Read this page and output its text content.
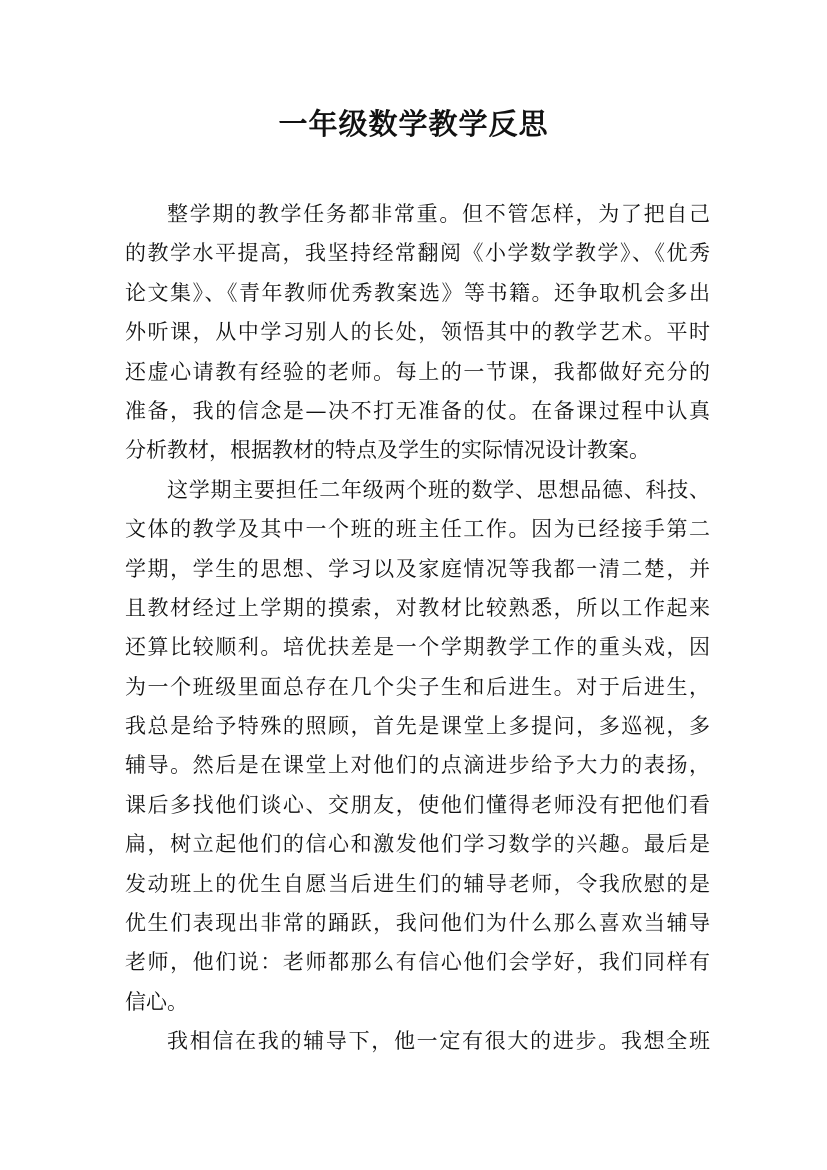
一年级数学教学反思
整学期的教学任务都非常重。但不管怎样，为了把自己
的教学水平提高，我坚持经常翻阅《小学数学教学》、《优秀
论文集》、《青年教师优秀教案选》等书籍。还争取机会多出
外听课，从中学习别人的长处，领悟其中的教学艺术。平时
还虚心请教有经验的老师。每上的一节课，我都做好充分的
准备，我的信念是—决不打无准备的仗。在备课过程中认真
分析教材，根据教材的特点及学生的实际情况设计教案。
这学期主要担任二年级两个班的数学、思想品德、科技、
文体的教学及其中一个班的班主任工作。因为已经接手第二
学期，学生的思想、学习以及家庭情况等我都一清二楚，并
且教材经过上学期的摸索，对教材比较熟悉，所以工作起来
还算比较顺利。培优扶差是一个学期教学工作的重头戏，因
为一个班级里面总存在几个尖子生和后进生。对于后进生，
我总是给予特殊的照顾，首先是课堂上多提问，多巡视，多
辅导。然后是在课堂上对他们的点滴进步给予大力的表扬，
课后多找他们谈心、交朋友，使他们懂得老师没有把他们看
扁，树立起他们的信心和激发他们学习数学的兴趣。最后是
发动班上的优生自愿当后进生们的辅导老师，令我欣慰的是
优生们表现出非常的踊跃，我问他们为什么那么喜欢当辅导
老师，他们说：老师都那么有信心他们会学好，我们同样有
信心。
我相信在我的辅导下，他一定有很大的进步。我想全班
